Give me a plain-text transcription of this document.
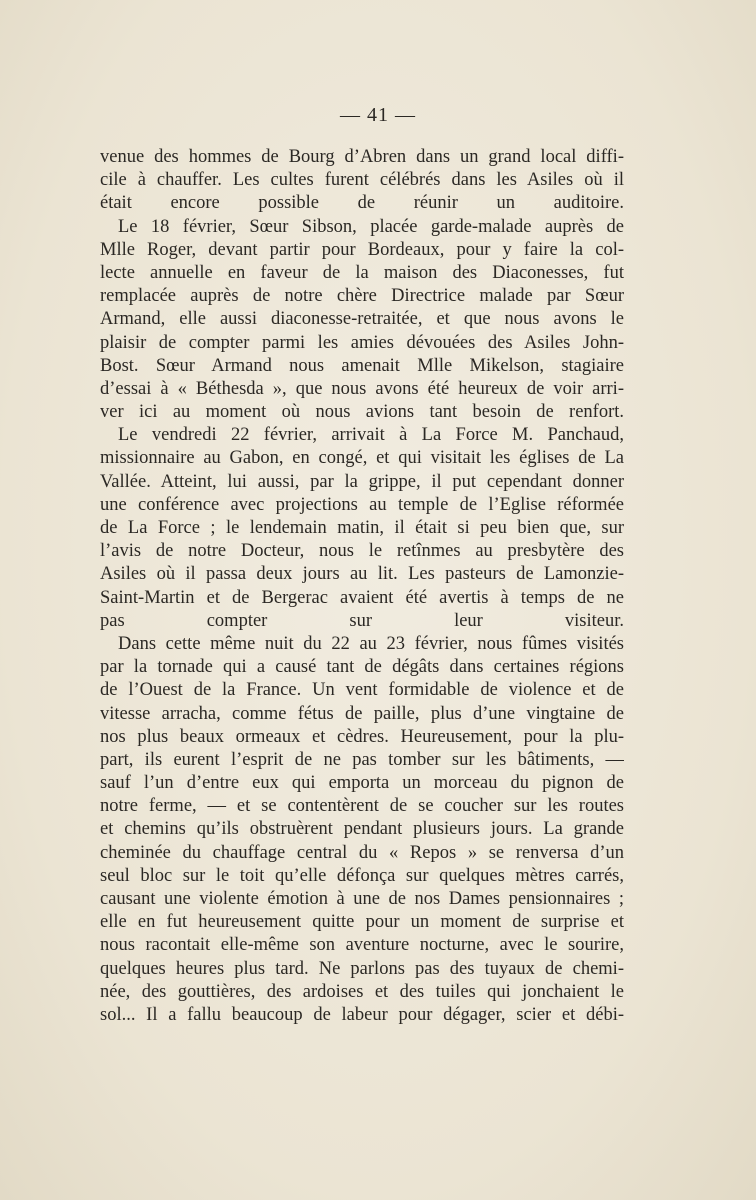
— 41 —
venue des hommes de Bourg d’Abren dans un grand local diffi-
cile à chauffer. Les cultes furent célébrés dans les Asiles où il
était encore possible de réunir un auditoire.
Le 18 février, Sœur Sibson, placée garde-malade auprès de
Mlle Roger, devant partir pour Bordeaux, pour y faire la col-
lecte annuelle en faveur de la maison des Diaconesses, fut
remplacée auprès de notre chère Directrice malade par Sœur
Armand, elle aussi diaconesse-retraitée, et que nous avons le
plaisir de compter parmi les amies dévouées des Asiles John-
Bost. Sœur Armand nous amenait Mlle Mikelson, stagiaire
d’essai à « Béthesda », que nous avons été heureux de voir arri-
ver ici au moment où nous avions tant besoin de renfort.
Le vendredi 22 février, arrivait à La Force M. Panchaud,
missionnaire au Gabon, en congé, et qui visitait les églises de La
Vallée. Atteint, lui aussi, par la grippe, il put cependant donner
une conférence avec projections au temple de l’Eglise réformée
de La Force ; le lendemain matin, il était si peu bien que, sur
l’avis de notre Docteur, nous le retînmes au presbytère des
Asiles où il passa deux jours au lit. Les pasteurs de Lamonzie-
Saint-Martin et de Bergerac avaient été avertis à temps de ne
pas compter sur leur visiteur.
Dans cette même nuit du 22 au 23 février, nous fûmes visités
par la tornade qui a causé tant de dégâts dans certaines régions
de l’Ouest de la France. Un vent formidable de violence et de
vitesse arracha, comme fétus de paille, plus d’une vingtaine de
nos plus beaux ormeaux et cèdres. Heureusement, pour la plu-
part, ils eurent l’esprit de ne pas tomber sur les bâtiments, —
sauf l’un d’entre eux qui emporta un morceau du pignon de
notre ferme, — et se contentèrent de se coucher sur les routes
et chemins qu’ils obstruèrent pendant plusieurs jours. La grande
cheminée du chauffage central du « Repos » se renversa d’un
seul bloc sur le toit qu’elle défonça sur quelques mètres carrés,
causant une violente émotion à une de nos Dames pensionnaires ;
elle en fut heureusement quitte pour un moment de surprise et
nous racontait elle-même son aventure nocturne, avec le sourire,
quelques heures plus tard. Ne parlons pas des tuyaux de chemi-
née, des gouttières, des ardoises et des tuiles qui jonchaient le
sol... Il a fallu beaucoup de labeur pour dégager, scier et débi-
